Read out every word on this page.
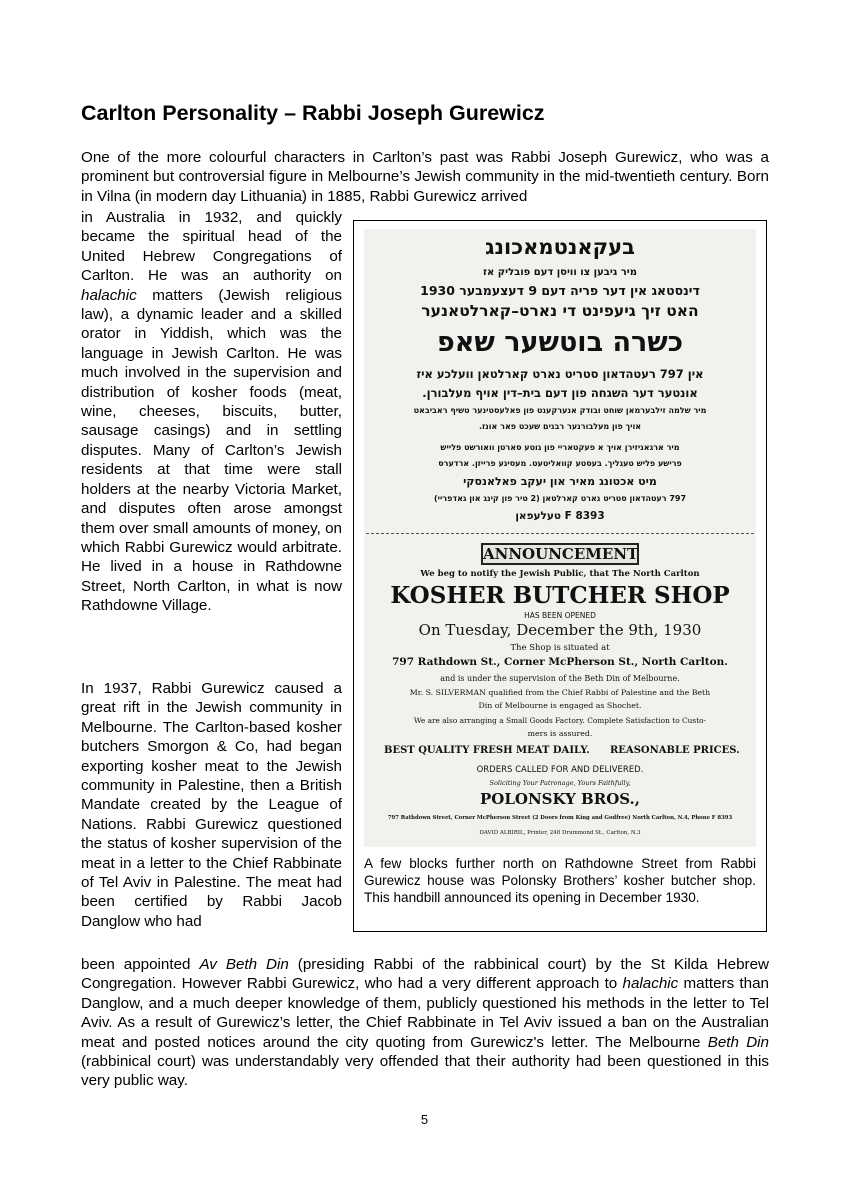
Carlton Personality – Rabbi Joseph Gurewicz

One of the more colourful characters in Carlton’s past was Rabbi Joseph Gurewicz, who was a prominent but controversial figure in Melbourne’s Jewish community in the mid-twentieth century. Born in Vilna (in modern day Lithuania) in 1885, Rabbi Gurewicz arrived

in Australia in 1932, and quickly became the spiritual head of the United Hebrew Congregations of Carlton. He was an authority on halachic matters (Jewish religious law), a dynamic leader and a skilled orator in Yiddish, which was the language in Jewish Carlton. He was much involved in the supervision and distribution of kosher foods (meat, wine, cheeses, biscuits, butter, sausage casings) and in settling disputes. Many of Carlton’s Jewish residents at that time were stall holders at the nearby Victoria Market, and disputes often arose amongst them over small amounts of money, on which Rabbi Gurewicz would arbitrate. He lived in a house in Rathdowne Street, North Carlton, in what is now Rathdowne Village.

In 1937, Rabbi Gurewicz caused a great rift in the Jewish community in Melbourne. The Carlton-based kosher butchers Smorgon & Co, had began exporting kosher meat to the Jewish community in Palestine, then a British Mandate created by the League of Nations. Rabbi Gurewicz questioned the status of kosher supervision of the meat in a letter to the Chief Rabbinate of Tel Aviv in Palestine. The meat had been certified by Rabbi Jacob Danglow who had

been appointed Av Beth Din (presiding Rabbi of the rabbinical court) by the St Kilda Hebrew Congregation. However Rabbi Gurewicz, who had a very different approach to halachic matters than Danglow, and a much deeper knowledge of them, publicly questioned his methods in the letter to Tel Aviv. As a result of Gurewicz’s letter, the Chief Rabbinate in Tel Aviv issued a ban on the Australian meat and posted notices around the city quoting from Gurewicz's letter. The Melbourne Beth Din (rabbinical court) was understandably very offended that their authority had been questioned in this very public way.

בעקאנטמאכונג
מיר גיבען צו וויסן דעם פובליק אז
דינסטאג אין דער פריה דעם 9 דעצעמבער 1930
האט זיך גיעפינט די נארט–קארלטאנער
כשרה בוטשער שאפ
אין 797 רעטהדאון סטריט נארט קארלטאן וועלכע איז
אונטער דער השגחה פון דעם בית–דין אויף מעלבורן.
מיר שלמה זילבערמאן שוחט ובודק אנערקענט פון פאלעסטינער טשיף ראביבאט
אויך פון מעלבורנער רבנים שעכט פאר אונז.
מיר ארגאניזירן אויך א פעקטאריי פון גוטע סארטן וואורשט פלייש
פרישע פליש טעגליך. בעסטע קוואליטעט. מעסיגע פרייזן. ארדערס
מיט אכטונג מאיר און יעקב פאלאנסקי
797 רעטהדאון סטריט נארט קארלטאן (2 טיר פון קינג און גאדפריי)
F 8393 טעלעפאן
ANNOUNCEMENT
We beg to notify the Jewish Public, that The North Carlton
KOSHER BUTCHER SHOP
HAS BEEN OPENED
On Tuesday, December the 9th, 1930
The Shop is situated at
797 Rathdown St., Corner McPherson St., North Carlton.
and is under the supervision of the Beth Din of Melbourne.
Mr. S. SILVERMAN qualified from the Chief Rabbi of Palestine and the Beth
Din of Melbourne is engaged as Shochet.
We are also arranging a Small Goods Factory. Complete Satisfaction to Custo-
mers is assured.
BEST QUALITY FRESH MEAT DAILY. REASONABLE PRICES.
ORDERS CALLED FOR AND DELIVERED.
Soliciting Your Patronage, Yours Faithfully,
POLONSKY BROS.,
797 Rathdown Street, Corner McPherson Street (2 Doors from King and Godfree) North Carlton, N.4, Phone F 8393
DAVID ALBIRIL, Printer, 248 Drummond St., Carlton, N.3

A few blocks further north on Rathdowne Street from Rabbi Gurewicz house was Polonsky Brothers’ kosher butcher shop. This handbill announced its opening in December 1930.

5
